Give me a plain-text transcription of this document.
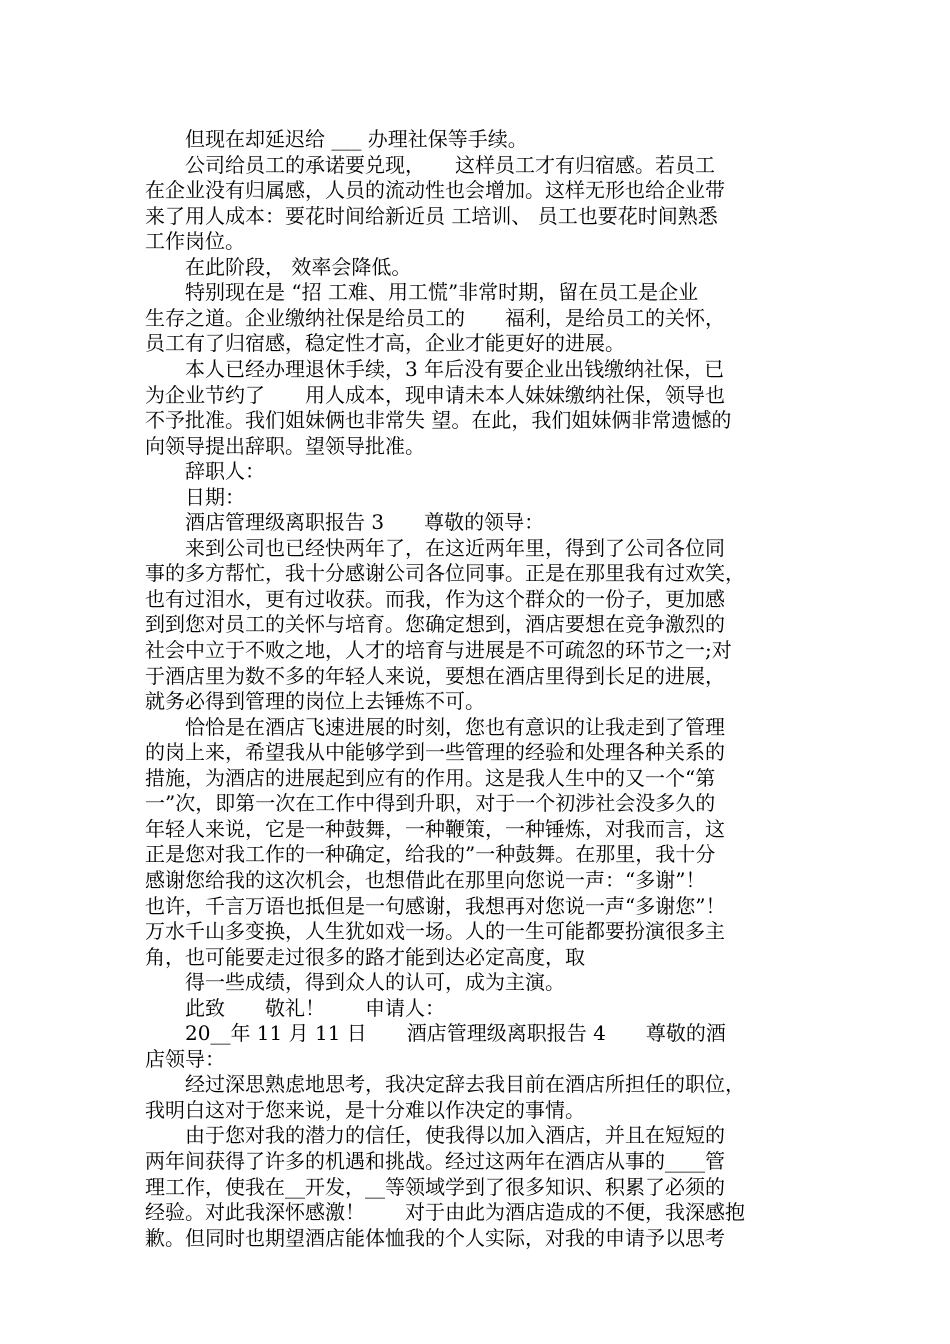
　　但现在却延迟给 ___ 办理社保等手续。
　　公司给员工的承诺要兑现，　　这样员工才有归宿感。若员工
在企业没有归属感，人员的流动性也会增加。这样无形也给企业带
来了用人成本：要花时间给新近员 工培训、 员工也要花时间熟悉
工作岗位。
　　在此阶段， 效率会降低。
　　特别现在是 “招 工难、用工慌”非常时期，留在员工是企业
生存之道。企业缴纳社保是给员工的　　福利，是给员工的关怀，
员工有了归宿感，稳定性才高，企业才能更好的进展。
　　本人已经办理退休手续，3 年后没有要企业出钱缴纳社保，已
为企业节约了　　用人成本，现申请未本人妹妹缴纳社保，领导也
不予批准。我们姐妹俩也非常失 望。在此，我们姐妹俩非常遗憾的
向领导提出辞职。望领导批准。
　　辞职人：
　　日期：
　　酒店管理级离职报告 3　　尊敬的领导：
　　来到公司也已经快两年了，在这近两年里，得到了公司各位同
事的多方帮忙，我十分感谢公司各位同事。正是在那里我有过欢笑，
也有过泪水，更有过收获。而我，作为这个群众的一份子，更加感
到到您对员工的关怀与培育。您确定想到，酒店要想在竞争激烈的
社会中立于不败之地，人才的培育与进展是不可疏忽的环节之一;对
于酒店里为数不多的年轻人来说，要想在酒店里得到长足的进展，
就务必得到管理的岗位上去锤炼不可。
　　恰恰是在酒店飞速进展的时刻，您也有意识的让我走到了管理
的岗上来，希望我从中能够学到一些管理的经验和处理各种关系的
措施，为酒店的进展起到应有的作用。这是我人生中的又一个“第
一”次，即第一次在工作中得到升职，对于一个初涉社会没多久的
年轻人来说，它是一种鼓舞，一种鞭策，一种锤炼，对我而言，这
正是您对我工作的一种确定，给我的”一种鼓舞。在那里，我十分
感谢您给我的这次机会，也想借此在那里向您说一声：“多谢”！
也许，千言万语也抵但是一句感谢，我想再对您说一声“多谢您”！
万水千山多变换，人生犹如戏一场。人的一生可能都要扮演很多主
角，也可能要走过很多的路才能到达必定高度，取
　　得一些成绩，得到众人的认可，成为主演。
　　此致　　敬礼！　　申请人：
　　20__年 11 月 11 日　　酒店管理级离职报告 4　　尊敬的酒
店领导：
　　经过深思熟虑地思考，我决定辞去我目前在酒店所担任的职位，
我明白这对于您来说，是十分难以作决定的事情。
　　由于您对我的潜力的信任，使我得以加入酒店，并且在短短的
两年间获得了许多的机遇和挑战。经过这两年在酒店从事的____管
理工作，使我在__开发，__等领域学到了很多知识、积累了必须的
经验。对此我深怀感激！　　对于由此为酒店造成的不便，我深感抱
歉。但同时也期望酒店能体恤我的个人实际，对我的申请予以思考
